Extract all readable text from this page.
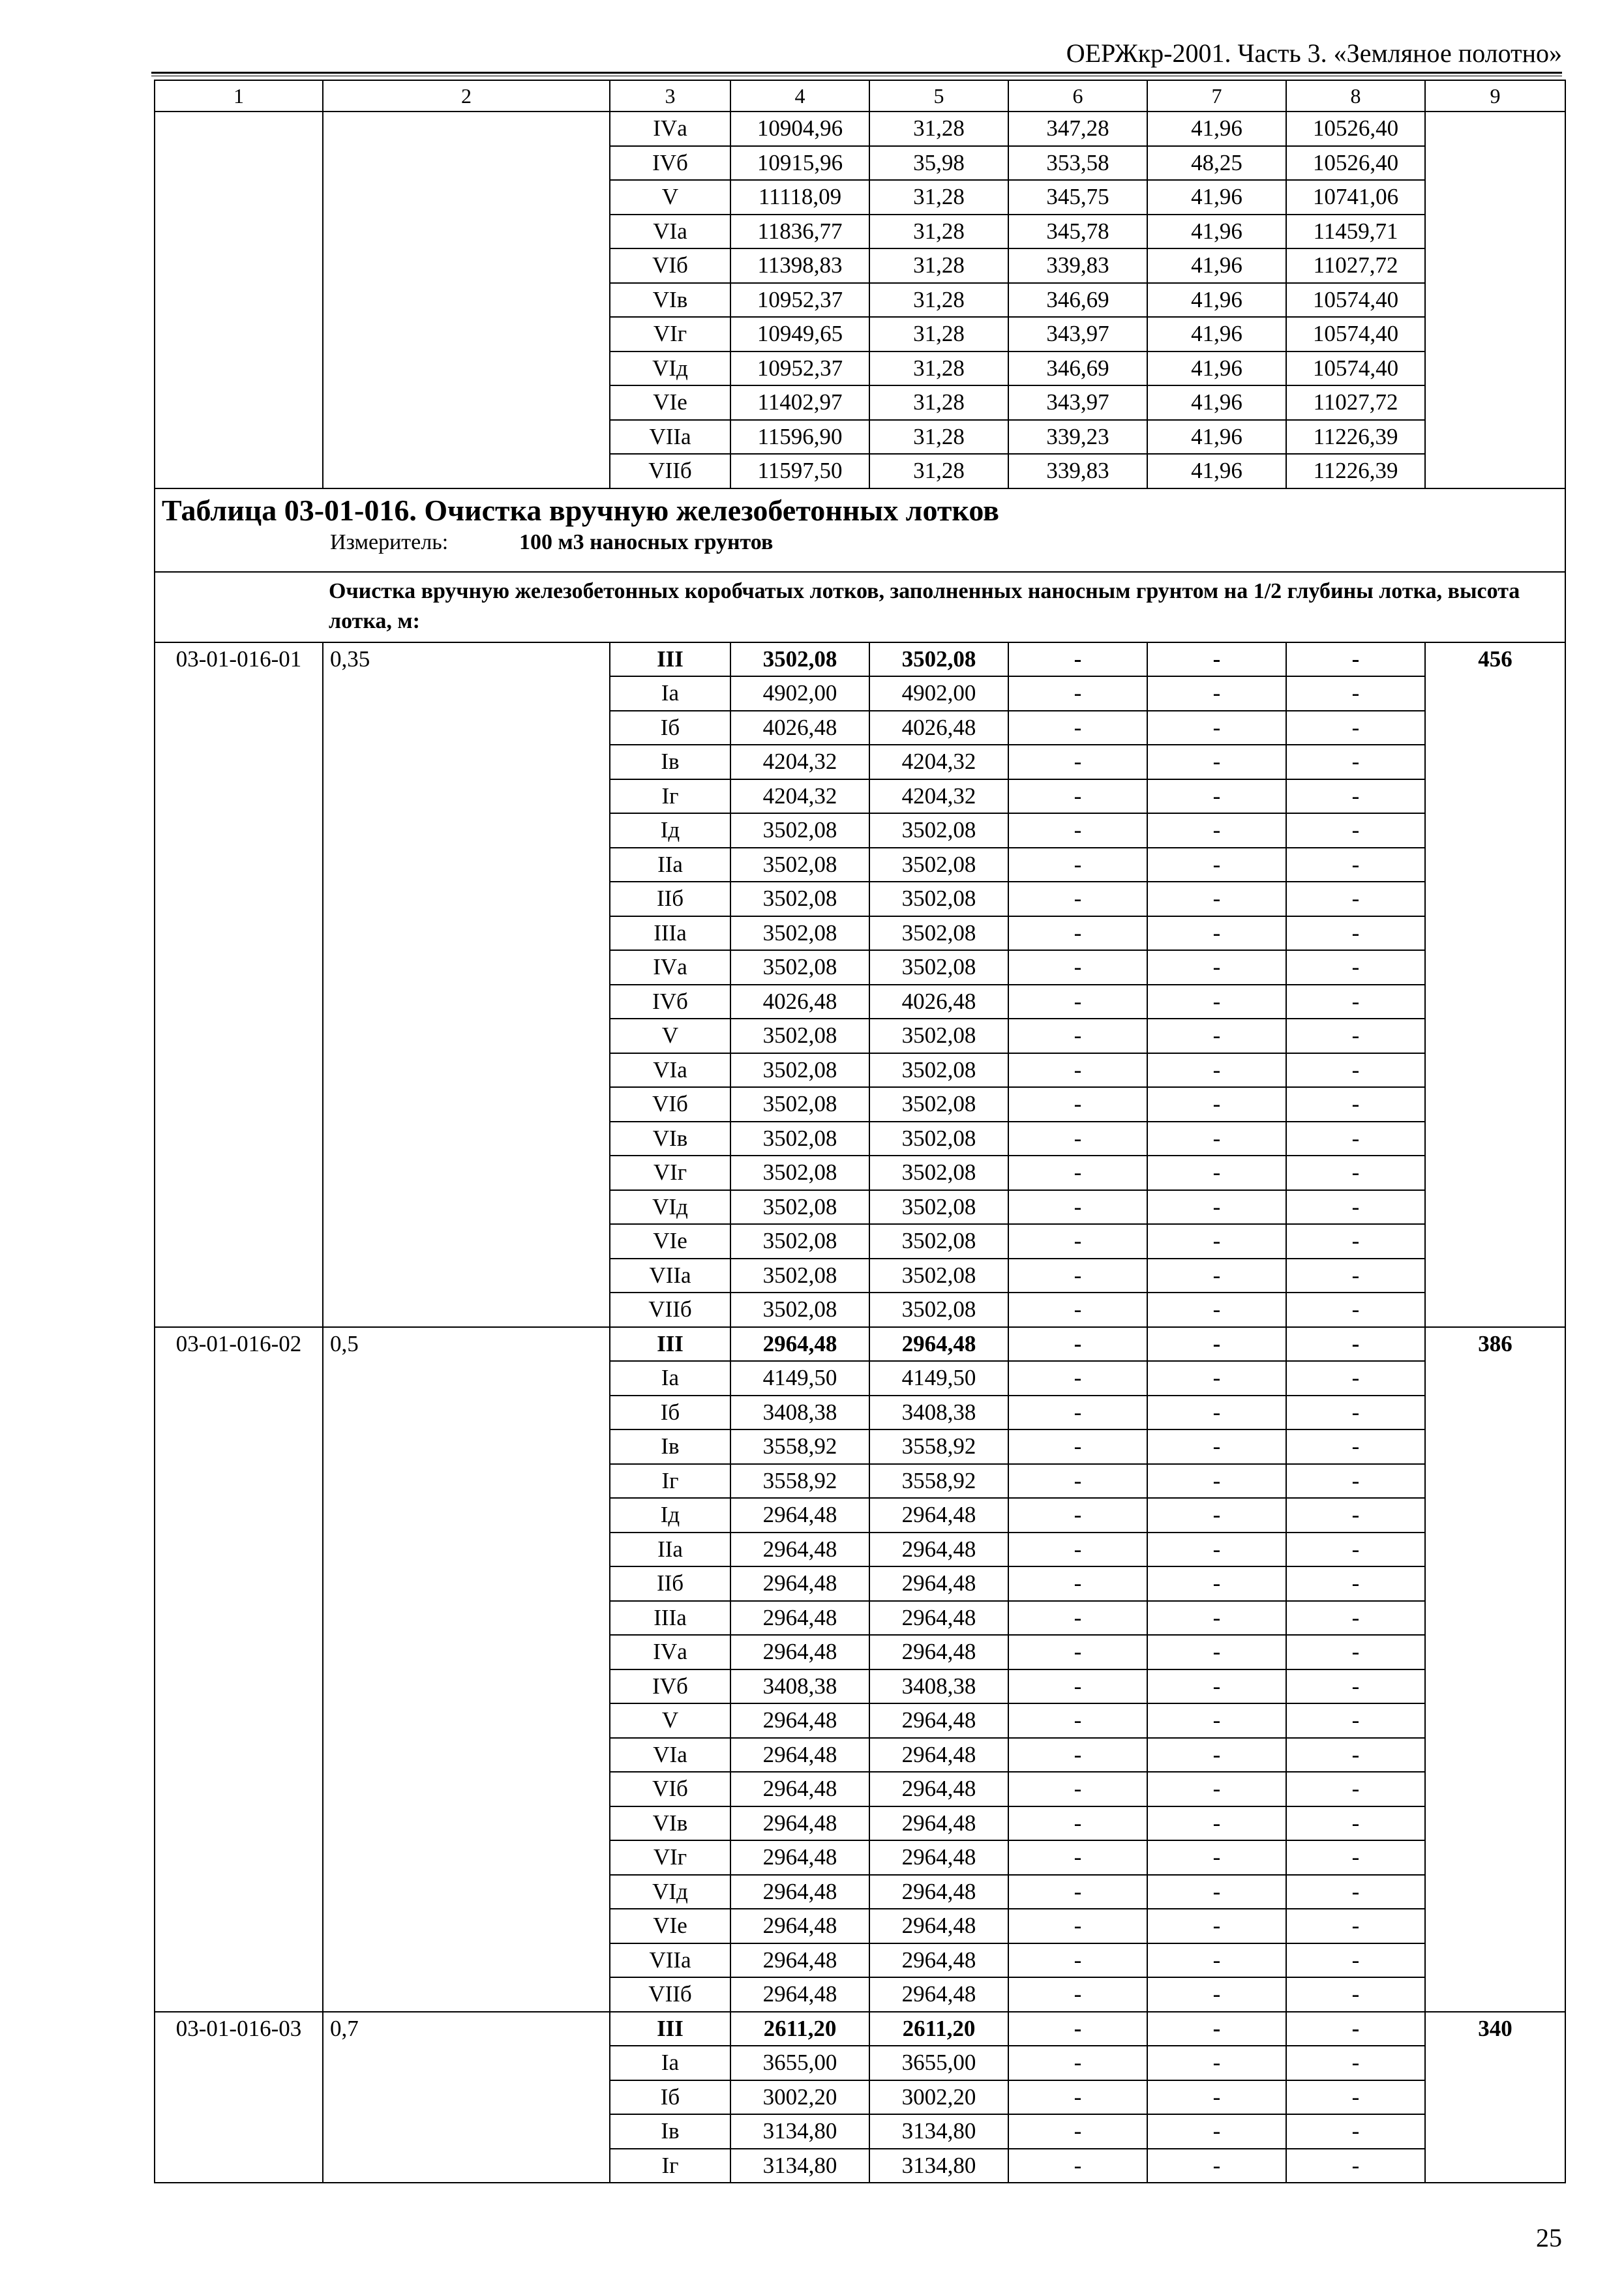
ОЕРЖкр-2001. Часть 3. «Земляное полотно»
1	2	3	4	5	6	7	8	9
		IVа	10904,96	31,28	347,28	41,96	10526,40	
		IVб	10915,96	35,98	353,58	48,25	10526,40	
		V	11118,09	31,28	345,75	41,96	10741,06	
		VIа	11836,77	31,28	345,78	41,96	11459,71	
		VIб	11398,83	31,28	339,83	41,96	11027,72	
		VIв	10952,37	31,28	346,69	41,96	10574,40	
		VIг	10949,65	31,28	343,97	41,96	10574,40	
		VIд	10952,37	31,28	346,69	41,96	10574,40	
		VIе	11402,97	31,28	343,97	41,96	11027,72	
		VIIа	11596,90	31,28	339,23	41,96	11226,39	
		VIIб	11597,50	31,28	339,83	41,96	11226,39	

Таблица 03-01-016. Очистка вручную железобетонных лотков
Измеритель: 100 м3 наносных грунтов								

Очистка вручную железобетонных коробчатых лотков, заполненных наносным грунтом на 1/2 глубины лотка, высота лотка, м:								
03-01-016-01	0,35	III	3502,08	3502,08	-	-	-	456
		Iа	4902,00	4902,00	-	-	-	
		Iб	4026,48	4026,48	-	-	-	
		Iв	4204,32	4204,32	-	-	-	
		Iг	4204,32	4204,32	-	-	-	
		Iд	3502,08	3502,08	-	-	-	
		IIа	3502,08	3502,08	-	-	-	
		IIб	3502,08	3502,08	-	-	-	
		IIIа	3502,08	3502,08	-	-	-	
		IVа	3502,08	3502,08	-	-	-	
		IVб	4026,48	4026,48	-	-	-	
		V	3502,08	3502,08	-	-	-	
		VIа	3502,08	3502,08	-	-	-	
		VIб	3502,08	3502,08	-	-	-	
		VIв	3502,08	3502,08	-	-	-	
		VIг	3502,08	3502,08	-	-	-	
		VIд	3502,08	3502,08	-	-	-	
		VIе	3502,08	3502,08	-	-	-	
		VIIа	3502,08	3502,08	-	-	-	
		VIIб	3502,08	3502,08	-	-	-	
03-01-016-02	0,5	III	2964,48	2964,48	-	-	-	386
		Iа	4149,50	4149,50	-	-	-	
		Iб	3408,38	3408,38	-	-	-	
		Iв	3558,92	3558,92	-	-	-	
		Iг	3558,92	3558,92	-	-	-	
		Iд	2964,48	2964,48	-	-	-	
		IIа	2964,48	2964,48	-	-	-	
		IIб	2964,48	2964,48	-	-	-	
		IIIа	2964,48	2964,48	-	-	-	
		IVа	2964,48	2964,48	-	-	-	
		IVб	3408,38	3408,38	-	-	-	
		V	2964,48	2964,48	-	-	-	
		VIа	2964,48	2964,48	-	-	-	
		VIб	2964,48	2964,48	-	-	-	
		VIв	2964,48	2964,48	-	-	-	
		VIг	2964,48	2964,48	-	-	-	
		VIд	2964,48	2964,48	-	-	-	
		VIе	2964,48	2964,48	-	-	-	
		VIIа	2964,48	2964,48	-	-	-	
		VIIб	2964,48	2964,48	-	-	-	
03-01-016-03	0,7	III	2611,20	2611,20	-	-	-	340
		Iа	3655,00	3655,00	-	-	-	
		Iб	3002,20	3002,20	-	-	-	
		Iв	3134,80	3134,80	-	-	-	
		Iг	3134,80	3134,80	-	-	-	
25
